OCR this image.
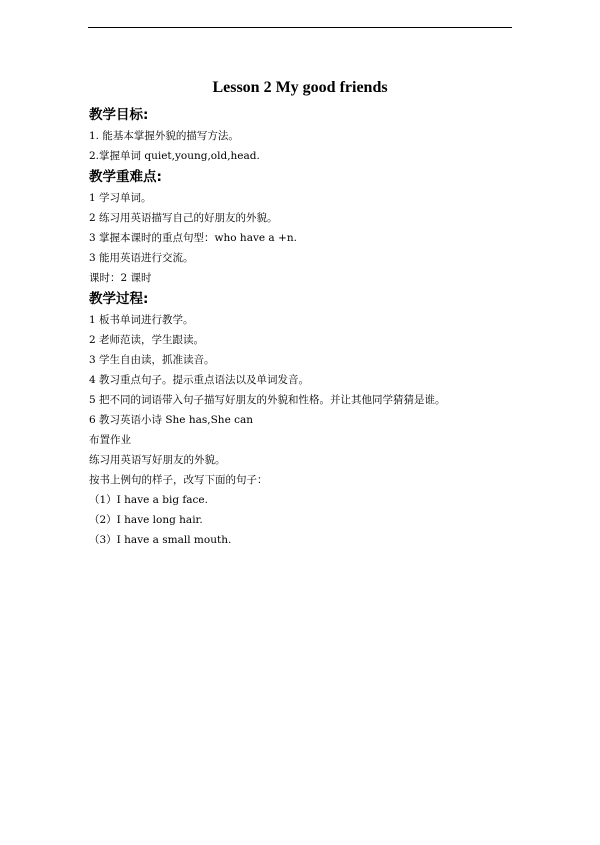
Lesson 2 My good friends
教学目标:
1. 能基本掌握外貌的描写方法。
2.掌握单词 quiet,young,old,head.
教学重难点:
1 学习单词。
2 练习用英语描写自己的好朋友的外貌。
3 掌握本课时的重点句型：who have a +n.
3 能用英语进行交流。
课时：2 课时
教学过程:
1 板书单词进行教学。
2 老师范读，学生跟读。
3 学生自由读，抓准读音。
4 教习重点句子。提示重点语法以及单词发音。
5 把不同的词语带入句子描写好朋友的外貌和性格。并让其他同学猜猜是谁。
6 教习英语小诗 She has,She can
布置作业
练习用英语写好朋友的外貌。
按书上例句的样子，改写下面的句子：
（1）I have a big face.
（2）I have long hair.
（3）I have a small mouth.
